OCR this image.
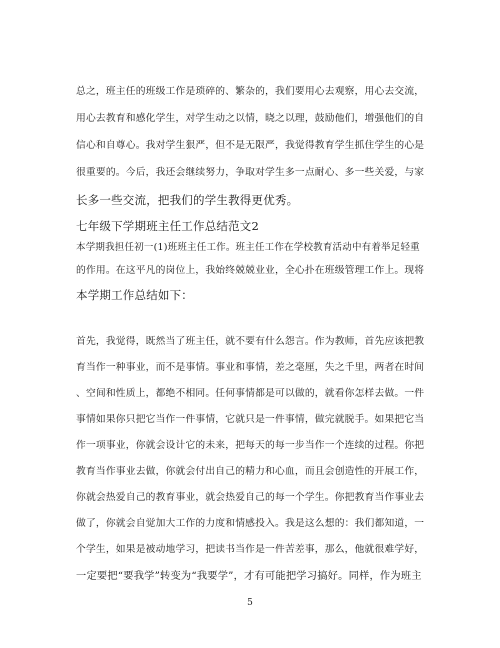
总之，班主任的班级工作是琐碎的、繁杂的，我们要用心去观察，用心去交流，
用心去教育和感化学生，对学生动之以情，晓之以理，鼓励他们，增强他们的自
信心和自尊心。我对学生狠严，但不是无限严，我觉得教育学生抓住学生的心是
很重要的。今后，我还会继续努力，争取对学生多一点耐心、多一些关爱，与家
长多一些交流，把我们的学生教得更优秀。
七年级下学期班主任工作总结范文2
本学期我担任初一(1)班班主任工作。班主任工作在学校教育活动中有着举足轻重
的作用。在这平凡的岗位上，我始终兢兢业业，全心扑在班级管理工作上。现将
本学期工作总结如下：
首先，我觉得，既然当了班主任，就不要有什么怨言。作为教师，首先应该把教
育当作一种事业，而不是事情。事业和事情，差之毫厘，失之千里，两者在时间
、空间和性质上，都绝不相同。任何事情都是可以做的，就看你怎样去做。一件
事情如果你只把它当作一件事情，它就只是一件事情，做完就脱手。如果把它当
作一项事业，你就会设计它的未来，把每天的每一步当作一个连续的过程。你把
教育当作事业去做，你就会付出自己的精力和心血，而且会创造性的开展工作，
你就会热爱自己的教育事业，就会热爱自己的每一个学生。你把教育当作事业去
做了，你就会自觉加大工作的力度和情感投入。我是这么想的：我们都知道，一
个学生，如果是被动地学习，把读书当作是一件苦差事，那么，他就很难学好，
一定要把“要我学”转变为“我要学”，才有可能把学习搞好。同样，作为班主
5
